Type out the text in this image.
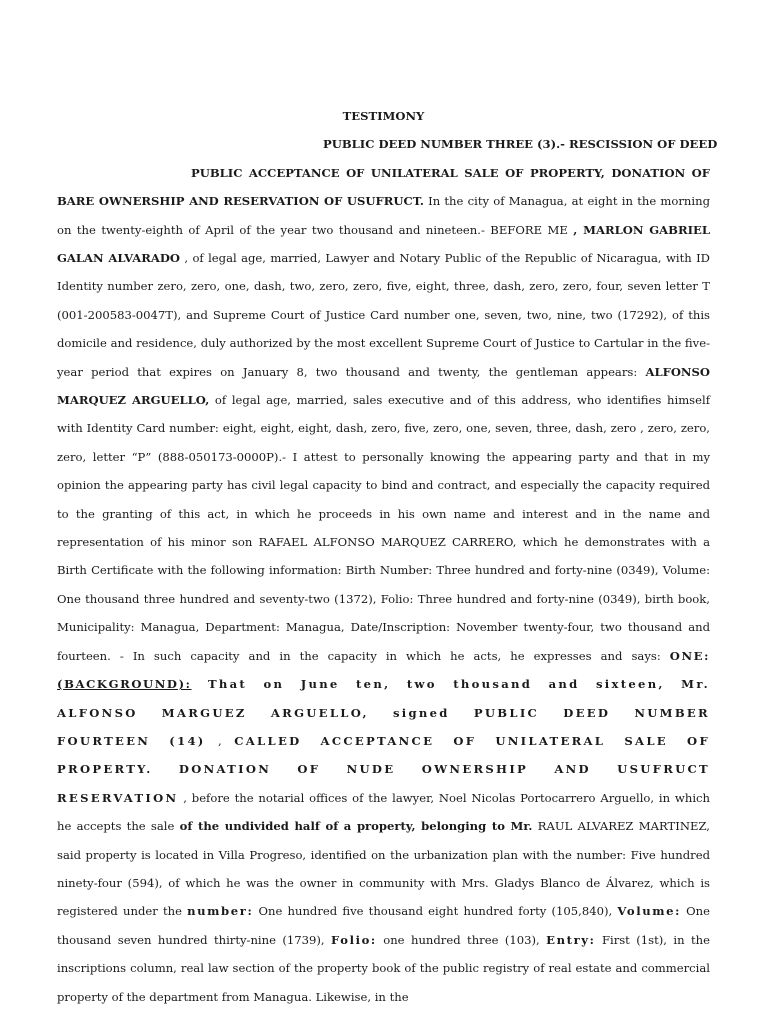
TESTIMONY
PUBLIC DEED NUMBER THREE (3).- RESCISSION OF DEED

PUBLIC ACCEPTANCE OF UNILATERAL SALE OF PROPERTY, DONATION OF BARE OWNERSHIP AND RESERVATION OF USUFRUCT. In the city of Managua, at eight in the morning on the twenty-eighth of April of the year two thousand and nineteen.- BEFORE ME , MARLON GABRIEL GALAN ALVARADO , of legal age, married, Lawyer and Notary Public of the Republic of Nicaragua, with ID Identity number zero, zero, one, dash, two, zero, zero, five, eight, three, dash, zero, zero, four, seven letter T (001-200583-0047T), and Supreme Court of Justice Card number one, seven, two, nine, two (17292), of this domicile and residence, duly authorized by the most excellent Supreme Court of Justice to Cartular in the five-year period that expires on January 8, two thousand and twenty, the gentleman appears: ALFONSO MARQUEZ ARGUELLO, of legal age, married, sales executive and of this address, who identifies himself with Identity Card number: eight, eight, eight, dash, zero, five, zero, one, seven, three, dash, zero , zero, zero, zero, letter “P” (888-050173-0000P).- I attest to personally knowing the appearing party and that in my opinion the appearing party has civil legal capacity to bind and contract, and especially the capacity required to the granting of this act, in which he proceeds in his own name and interest and in the name and representation of his minor son RAFAEL ALFONSO MARQUEZ CARRERO, which he demonstrates with a Birth Certificate with the following information: Birth Number: Three hundred and forty-nine (0349), Volume: One thousand three hundred and seventy-two (1372), Folio: Three hundred and forty-nine (0349), birth book, Municipality: Managua, Department: Managua, Date/Inscription: November twenty-four, two thousand and fourteen. - In such capacity and in the capacity in which he acts, he expresses and says: ONE: (BACKGROUND): That on June ten, two thousand and sixteen, Mr. ALFONSO MARGUEZ ARGUELLO, signed PUBLIC DEED NUMBER FOURTEEN (14) , CALLED ACCEPTANCE OF UNILATERAL SALE OF PROPERTY. DONATION OF NUDE OWNERSHIP AND USUFRUCT RESERVATION , before the notarial offices of the lawyer, Noel Nicolas Portocarrero Arguello, in which he accepts the sale of the undivided half of a property, belonging to Mr. RAUL ALVAREZ MARTINEZ, said property is located in Villa Progreso, identified on the urbanization plan with the number: Five hundred ninety-four (594), of which he was the owner in community with Mrs. Gladys Blanco de Álvarez, which is registered under the number: One hundred five thousand eight hundred forty (105,840), Volume: One thousand seven hundred thirty-nine (1739), Folio: one hundred three (103), Entry: First (1st), in the inscriptions column, real law section of the property book of the public registry of real estate and commercial property of the department from Managua. Likewise, in the
